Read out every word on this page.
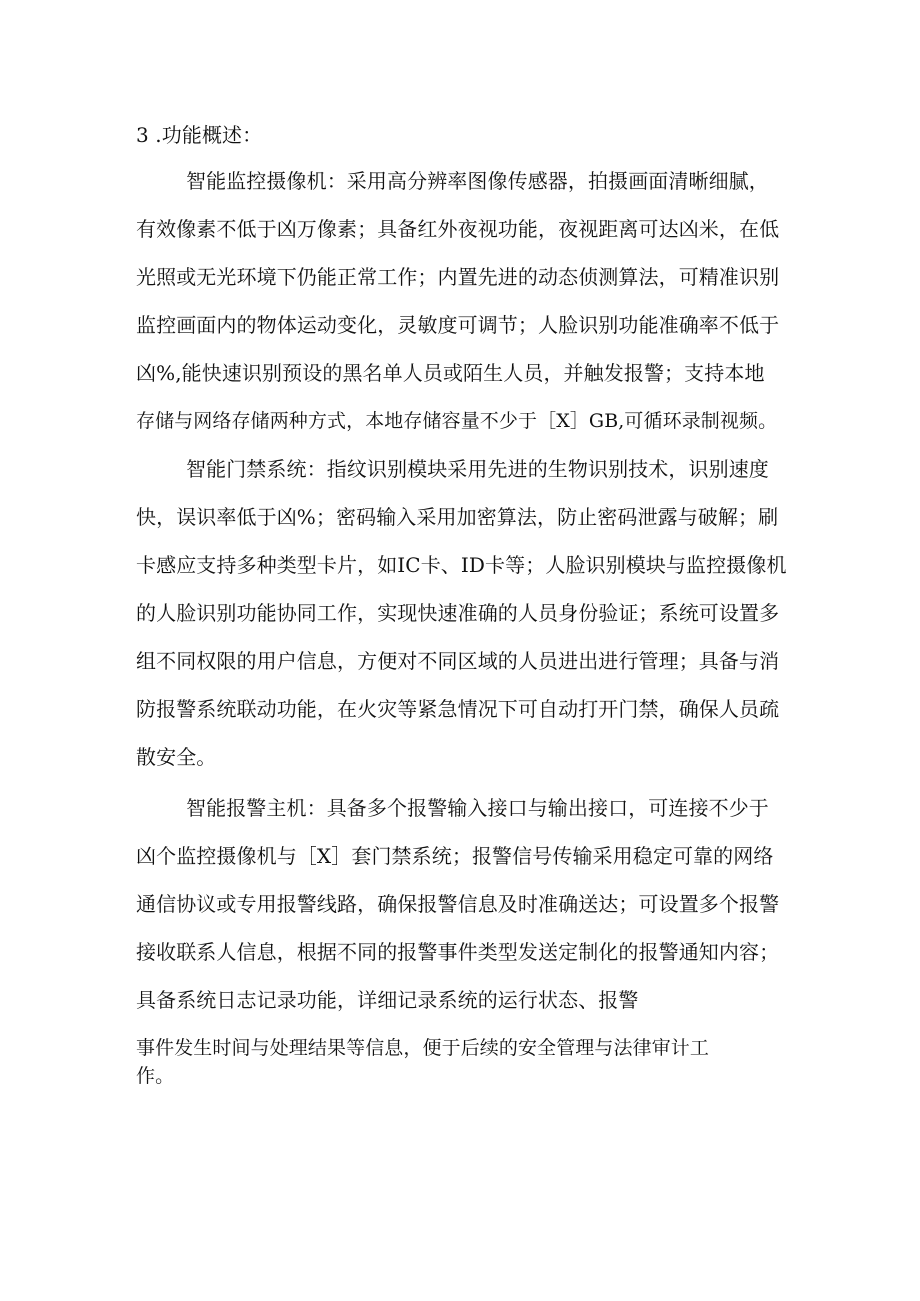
3 .功能概述：
智能监控摄像机：采用高分辨率图像传感器，拍摄画面清晰细腻，
有效像素不低于凶万像素；具备红外夜视功能，夜视距离可达凶米，在低
光照或无光环境下仍能正常工作；内置先进的动态侦测算法，可精准识别
监控画面内的物体运动变化，灵敏度可调节；人脸识别功能准确率不低于
凶%,能快速识别预设的黑名单人员或陌生人员，并触发报警；支持本地
存储与网络存储两种方式，本地存储容量不少于［X］GB,可循环录制视频。
智能门禁系统：指纹识别模块采用先进的生物识别技术，识别速度
快，误识率低于凶%；密码输入采用加密算法，防止密码泄露与破解；刷
卡感应支持多种类型卡片，如IC卡、ID卡等；人脸识别模块与监控摄像机
的人脸识别功能协同工作，实现快速准确的人员身份验证；系统可设置多
组不同权限的用户信息，方便对不同区域的人员进出进行管理；具备与消
防报警系统联动功能，在火灾等紧急情况下可自动打开门禁，确保人员疏
散安全。
智能报警主机：具备多个报警输入接口与输出接口，可连接不少于
凶个监控摄像机与［X］套门禁系统；报警信号传输采用稳定可靠的网络
通信协议或专用报警线路，确保报警信息及时准确送达；可设置多个报警
接收联系人信息，根据不同的报警事件类型发送定制化的报警通知内容；
具备系统日志记录功能，详细记录系统的运行状态、报警
事件发生时间与处理结果等信息，便于后续的安全管理与法律审计工
作。
